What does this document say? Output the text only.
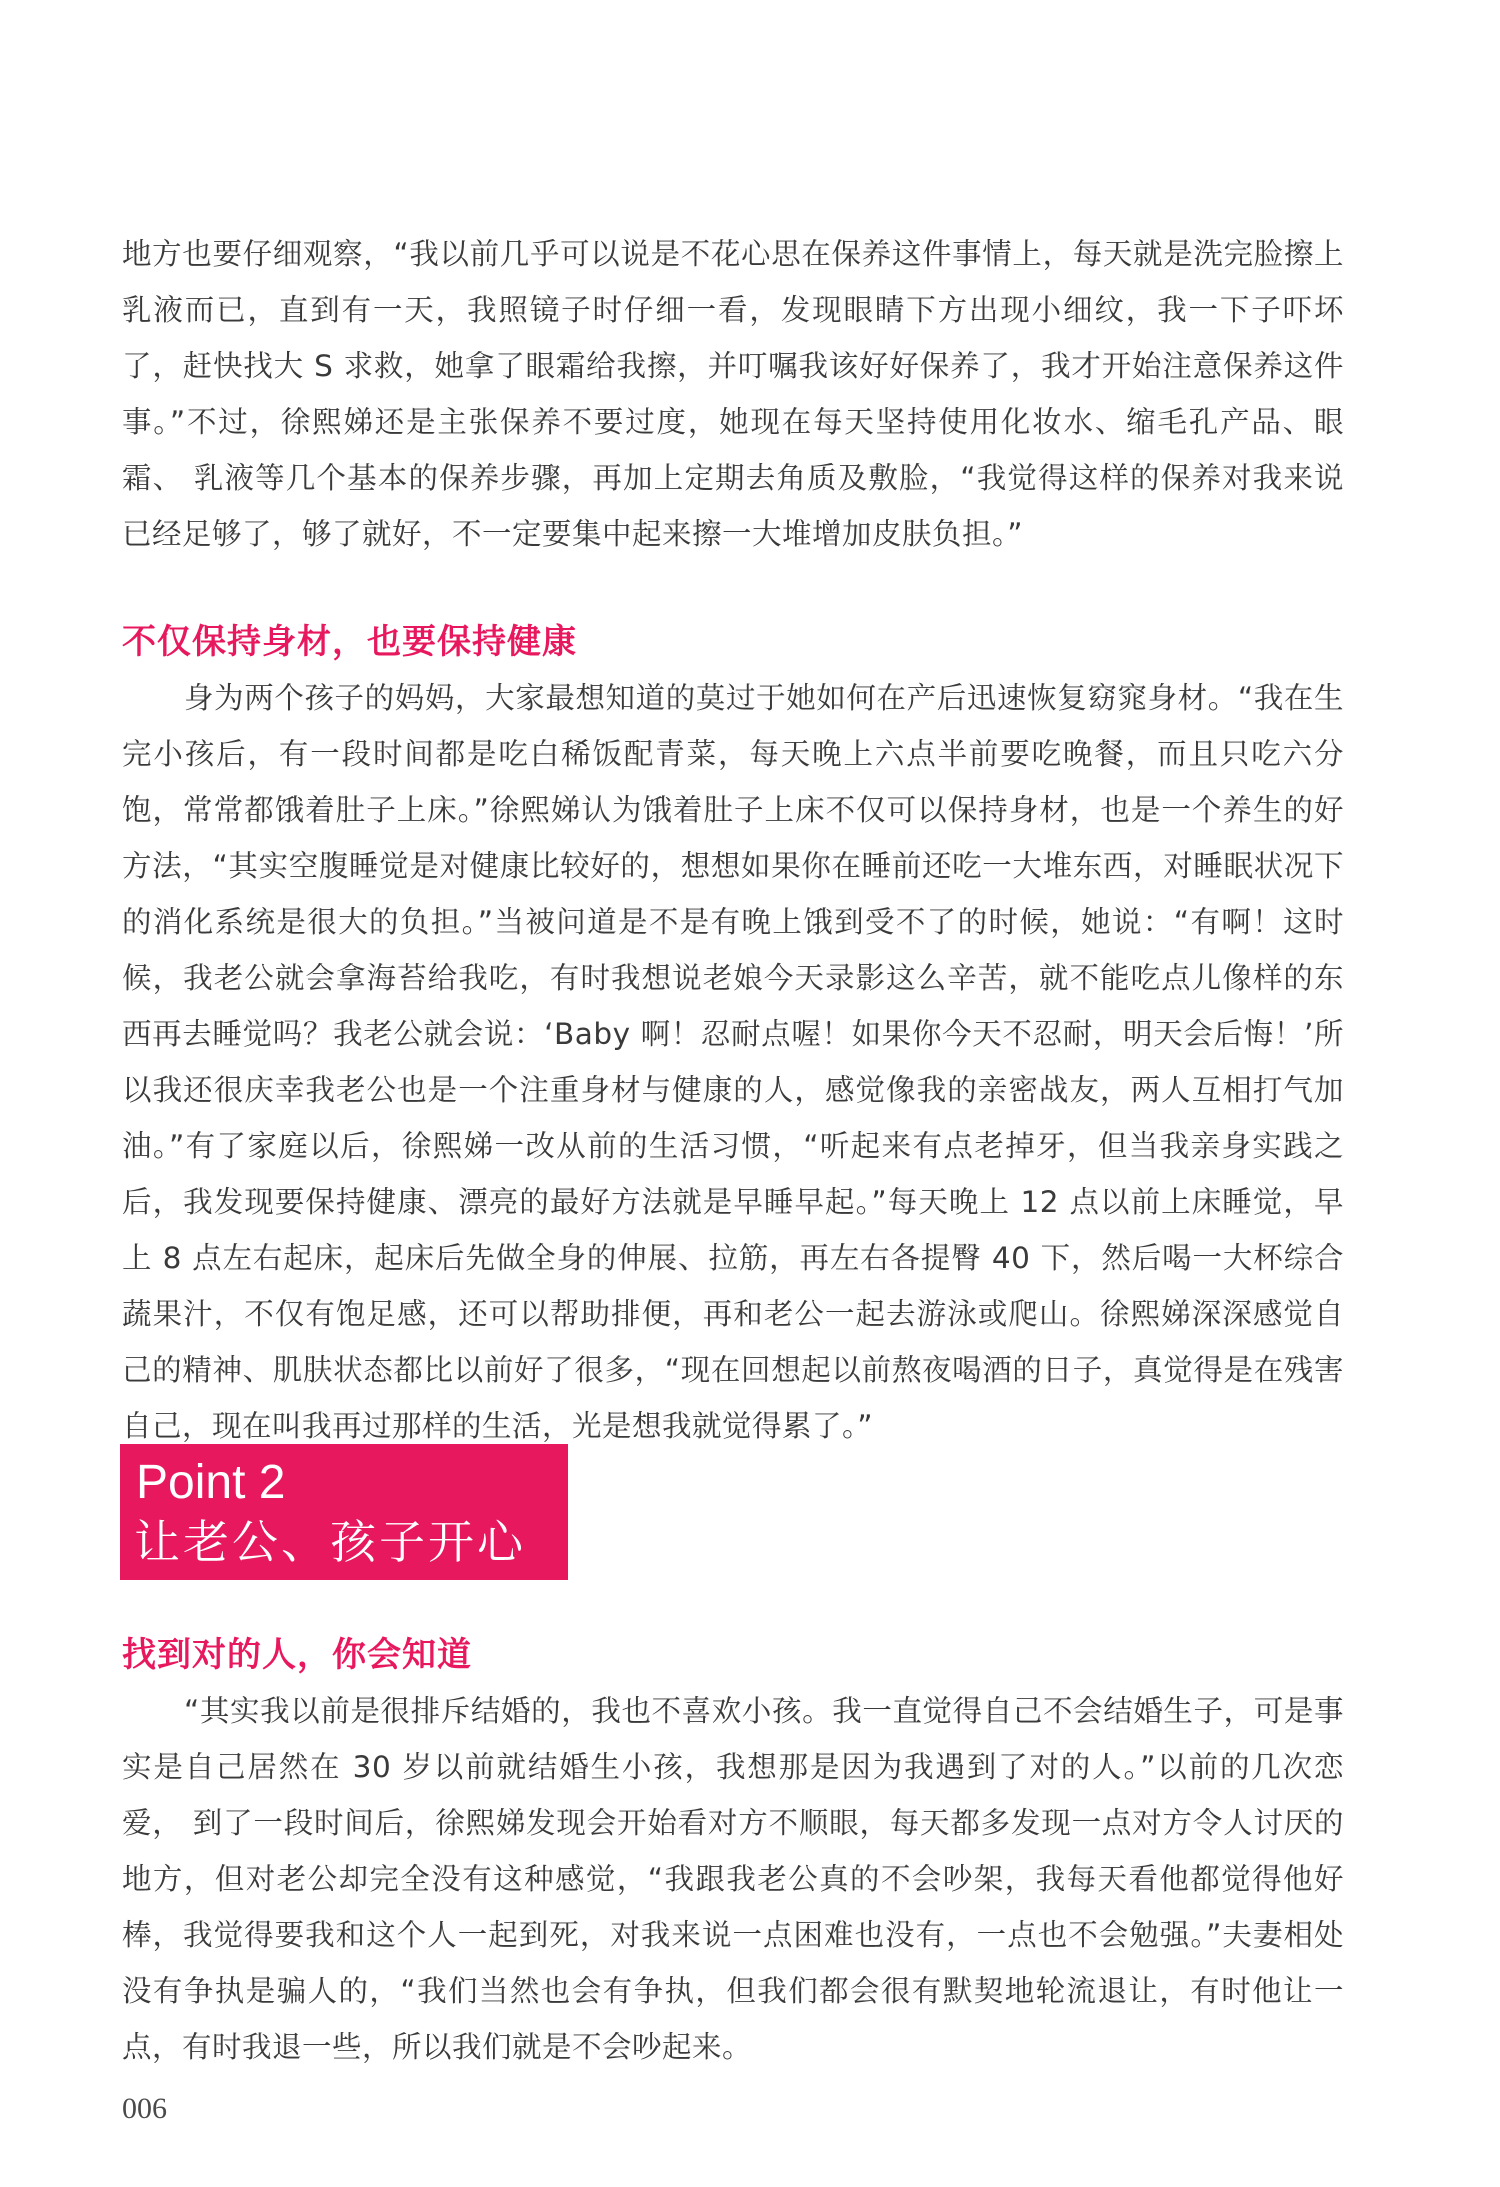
地方也要仔细观察，“我以前几乎可以说是不花心思在保养这件事情上，每天就是洗完脸擦上乳液而已，直到有一天，我照镜子时仔细一看，发现眼睛下方出现小细纹，我一下子吓坏了，赶快找大 S 求救，她拿了眼霜给我擦，并叮嘱我该好好保养了，我才开始注意保养这件事。”不过，徐熙娣还是主张保养不要过度，她现在每天坚持使用化妆水、缩毛孔产品、眼霜、 乳液等几个基本的保养步骤，再加上定期去角质及敷脸，“我觉得这样的保养对我来说已经足够了，够了就好，不一定要集中起来擦一大堆增加皮肤负担。”

不仅保持身材，也要保持健康

身为两个孩子的妈妈，大家最想知道的莫过于她如何在产后迅速恢复窈窕身材。“我在生完小孩后，有一段时间都是吃白稀饭配青菜，每天晚上六点半前要吃晚餐，而且只吃六分饱，常常都饿着肚子上床。”徐熙娣认为饿着肚子上床不仅可以保持身材，也是一个养生的好方法，“其实空腹睡觉是对健康比较好的，想想如果你在睡前还吃一大堆东西，对睡眠状况下的消化系统是很大的负担。”当被问道是不是有晚上饿到受不了的时候，她说：“有啊！这时候，我老公就会拿海苔给我吃，有时我想说老娘今天录影这么辛苦，就不能吃点儿像样的东西再去睡觉吗？我老公就会说：‘Baby 啊！忍耐点喔！如果你今天不忍耐，明天会后悔！’所以我还很庆幸我老公也是一个注重身材与健康的人，感觉像我的亲密战友，两人互相打气加油。”有了家庭以后，徐熙娣一改从前的生活习惯，“听起来有点老掉牙，但当我亲身实践之后，我发现要保持健康、漂亮的最好方法就是早睡早起。”每天晚上 12 点以前上床睡觉，早上 8 点左右起床，起床后先做全身的伸展、拉筋，再左右各提臀 40 下，然后喝一大杯综合蔬果汁，不仅有饱足感，还可以帮助排便，再和老公一起去游泳或爬山。徐熙娣深深感觉自己的精神、肌肤状态都比以前好了很多，“现在回想起以前熬夜喝酒的日子，真觉得是在残害自己，现在叫我再过那样的生活，光是想我就觉得累了。”

Point 2
让老公、孩子开心
找到对的人，你会知道

“其实我以前是很排斥结婚的，我也不喜欢小孩。我一直觉得自己不会结婚生子，可是事实是自己居然在 30 岁以前就结婚生小孩，我想那是因为我遇到了对的人。”以前的几次恋爱， 到了一段时间后，徐熙娣发现会开始看对方不顺眼，每天都多发现一点对方令人讨厌的地方，但对老公却完全没有这种感觉，“我跟我老公真的不会吵架，我每天看他都觉得他好棒，我觉得要我和这个人一起到死，对我来说一点困难也没有，一点也不会勉强。”夫妻相处没有争执是骗人的，“我们当然也会有争执，但我们都会很有默契地轮流退让，有时他让一点，有时我退一些，所以我们就是不会吵起来。

006
